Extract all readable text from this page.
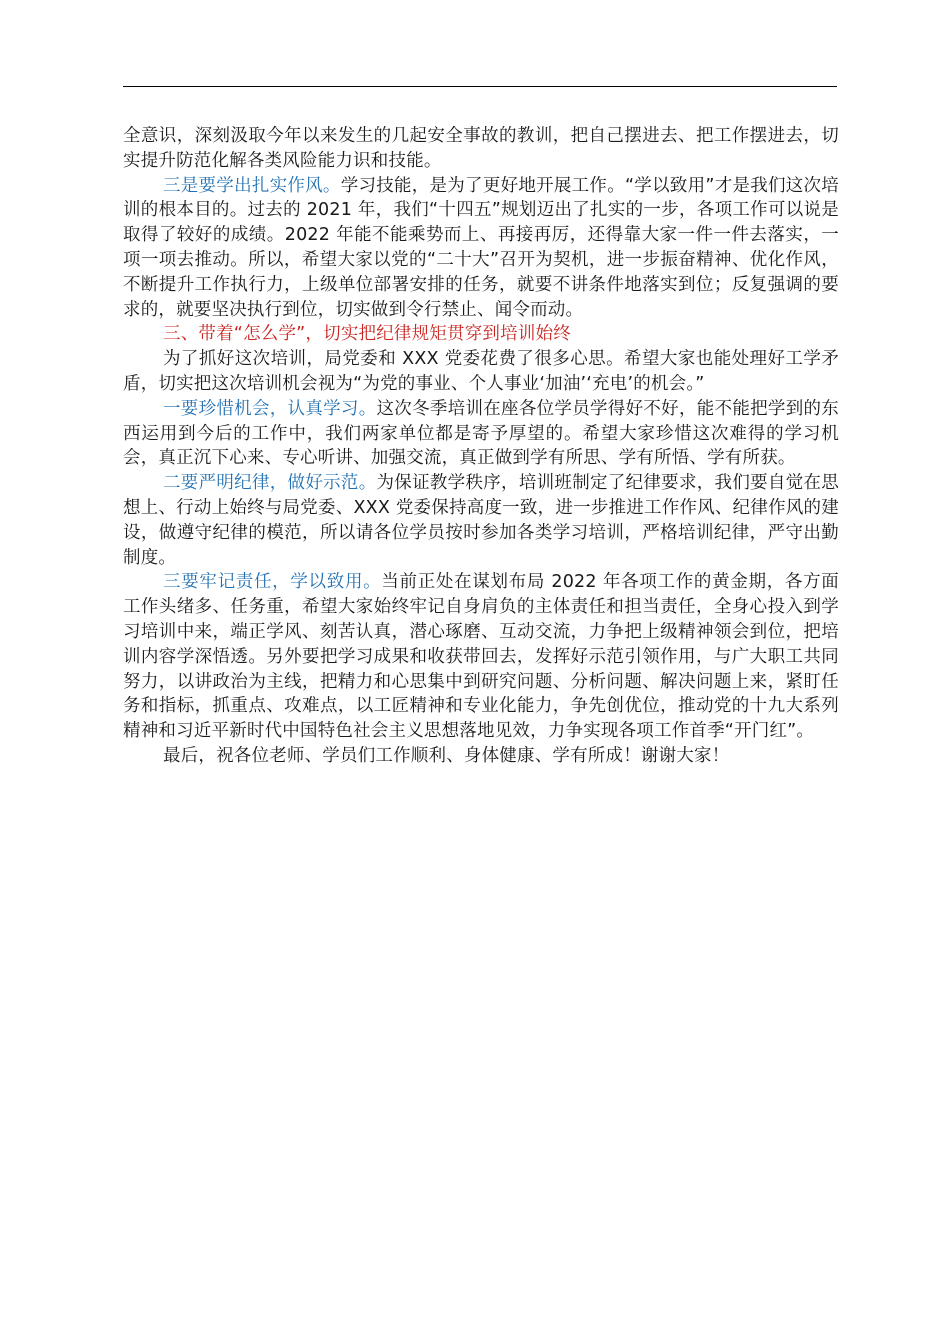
全意识，深刻汲取今年以来发生的几起安全事故的教训，把自己摆进去、把工作摆进去，切实提升防范化解各类风险能力识和技能。

三是要学出扎实作风。学习技能，是为了更好地开展工作。“学以致用”才是我们这次培训的根本目的。过去的 2021 年，我们“十四五”规划迈出了扎实的一步，各项工作可以说是取得了较好的成绩。2022 年能不能乘势而上、再接再厉，还得靠大家一件一件去落实，一项一项去推动。所以，希望大家以党的“二十大”召开为契机，进一步振奋精神、优化作风，不断提升工作执行力，上级单位部署安排的任务，就要不讲条件地落实到位；反复强调的要求的，就要坚决执行到位，切实做到令行禁止、闻令而动。

三、带着“怎么学”，切实把纪律规矩贯穿到培训始终

为了抓好这次培训，局党委和 XXX 党委花费了很多心思。希望大家也能处理好工学矛盾，切实把这次培训机会视为“为党的事业、个人事业‘加油’‘充电’的机会。”

一要珍惜机会，认真学习。这次冬季培训在座各位学员学得好不好，能不能把学到的东西运用到今后的工作中，我们两家单位都是寄予厚望的。希望大家珍惜这次难得的学习机会，真正沉下心来、专心听讲、加强交流，真正做到学有所思、学有所悟、学有所获。

二要严明纪律，做好示范。为保证教学秩序，培训班制定了纪律要求，我们要自觉在思想上、行动上始终与局党委、XXX 党委保持高度一致，进一步推进工作作风、纪律作风的建设，做遵守纪律的模范，所以请各位学员按时参加各类学习培训，严格培训纪律，严守出勤制度。

三要牢记责任，学以致用。当前正处在谋划布局 2022 年各项工作的黄金期，各方面工作头绪多、任务重，希望大家始终牢记自身肩负的主体责任和担当责任，全身心投入到学习培训中来，端正学风、刻苦认真，潜心琢磨、互动交流，力争把上级精神领会到位，把培训内容学深悟透。另外要把学习成果和收获带回去，发挥好示范引领作用，与广大职工共同努力，以讲政治为主线，把精力和心思集中到研究问题、分析问题、解决问题上来，紧盯任务和指标，抓重点、攻难点，以工匠精神和专业化能力，争先创优位，推动党的十九大系列精神和习近平新时代中国特色社会主义思想落地见效，力争实现各项工作首季“开门红”。

最后，祝各位老师、学员们工作顺利、身体健康、学有所成！谢谢大家！
